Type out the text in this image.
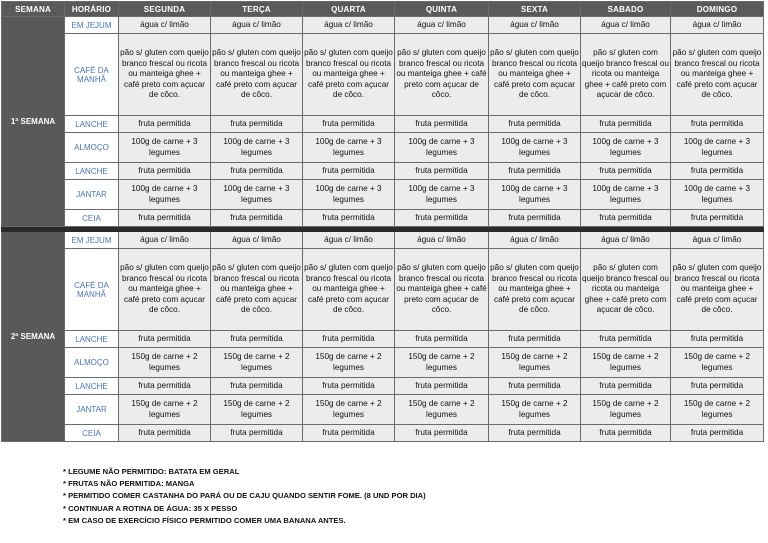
SEMANA	HORÁRIO	SEGUNDA	TERÇA	QUARTA	QUINTA	SEXTA	SABADO	DOMINGO
1ª SEMANA	EM JEJUM	água c/ limão	água c/ limão	água c/ limão	água c/ limão	água c/ limão	água c/ limão	água c/ limão

	CAFÉ DA MANHÃ	pão s/ gluten com queijo branco frescal ou ricota ou manteiga ghee + café preto com açucar de côco.	pão s/ gluten com queijo branco frescal ou ricota ou manteiga ghee + café preto com açucar de côco.	pão s/ gluten com queijo branco frescal ou ricota ou manteiga ghee + café preto com açucar de côco.	pão s/ gluten com queijo branco frescal ou ricota ou manteiga ghee + café preto com açucar de côco.	pão s/ gluten com queijo branco frescal ou ricota ou manteiga ghee + café preto com açucar de côco.	pão s/ gluten com queijo branco frescal ou ricota ou manteiga ghee + café preto com açucar de côco.	pão s/ gluten com queijo branco frescal ou ricota ou manteiga ghee + café preto com açucar de côco.

	LANCHE	fruta permitida	fruta permitida	fruta permitida	fruta permitida	fruta permitida	fruta permitida	fruta permitida

	ALMOÇO	100g de carne + 3 legumes	100g de carne + 3 legumes	100g de carne + 3 legumes	100g de carne + 3 legumes	100g de carne + 3 legumes	100g de carne + 3 legumes	100g de carne + 3 legumes

	LANCHE	fruta permitida	fruta permitida	fruta permitida	fruta permitida	fruta permitida	fruta permitida	fruta permitida

	JANTAR	100g de carne + 3 legumes	100g de carne + 3 legumes	100g de carne + 3 legumes	100g de carne + 3 legumes	100g de carne + 3 legumes	100g de carne + 3 legumes	100g de carne + 3 legumes

	CEIA	fruta permitida	fruta permitida	fruta permitida	fruta permitida	fruta permitida	fruta permitida	fruta permitida

2ª SEMANA	EM JEJUM	água c/ limão	água c/ limão	água c/ limão	água c/ limão	água c/ limão	água c/ limão	água c/ limão

	CAFÉ DA MANHÃ	pão s/ gluten com queijo branco frescal ou ricota ou manteiga ghee + café preto com açucar de côco.	pão s/ gluten com queijo branco frescal ou ricota ou manteiga ghee + café preto com açucar de côco.	pão s/ gluten com queijo branco frescal ou ricota ou manteiga ghee + café preto com açucar de côco.	pão s/ gluten com queijo branco frescal ou ricota ou manteiga ghee + café preto com açucar de côco.	pão s/ gluten com queijo branco frescal ou ricota ou manteiga ghee + café preto com açucar de côco.	pão s/ gluten com queijo branco frescal ou ricota ou manteiga ghee + café preto com açucar de côco.	pão s/ gluten com queijo branco frescal ou ricota ou manteiga ghee + café preto com açucar de côco.

	LANCHE	fruta permitida	fruta permitida	fruta permitida	fruta permitida	fruta permitida	fruta permitida	fruta permitida

	ALMOÇO	150g de carne + 2 legumes	150g de carne + 2 legumes	150g de carne + 2 legumes	150g de carne + 2 legumes	150g de carne + 2 legumes	150g de carne + 2 legumes	150g de carne + 2 legumes

	LANCHE	fruta permitida	fruta permitida	fruta permitida	fruta permitida	fruta permitida	fruta permitida	fruta permitida

	JANTAR	150g de carne + 2 legumes	150g de carne + 2 legumes	150g de carne + 2 legumes	150g de carne + 2 legumes	150g de carne + 2 legumes	150g de carne + 2 legumes	150g de carne + 2 legumes

	CEIA	fruta permitida	fruta permitida	fruta permitida	fruta permitida	fruta permitida	fruta permitida	fruta permitida
* LEGUME NÃO PERMITIDO: BATATA EM GERAL
* FRUTAS NÃO PERMITIDA: MANGA
* PERMITIDO COMER CASTANHA DO PARÁ OU DE CAJU QUANDO SENTIR FOME. (8 UND POR DIA)
* CONTINUAR A ROTINA DE ÁGUA: 35 X PESSO
* EM CASO DE EXERCÍCIO FÍSICO PERMITIDO COMER UMA BANANA ANTES.
